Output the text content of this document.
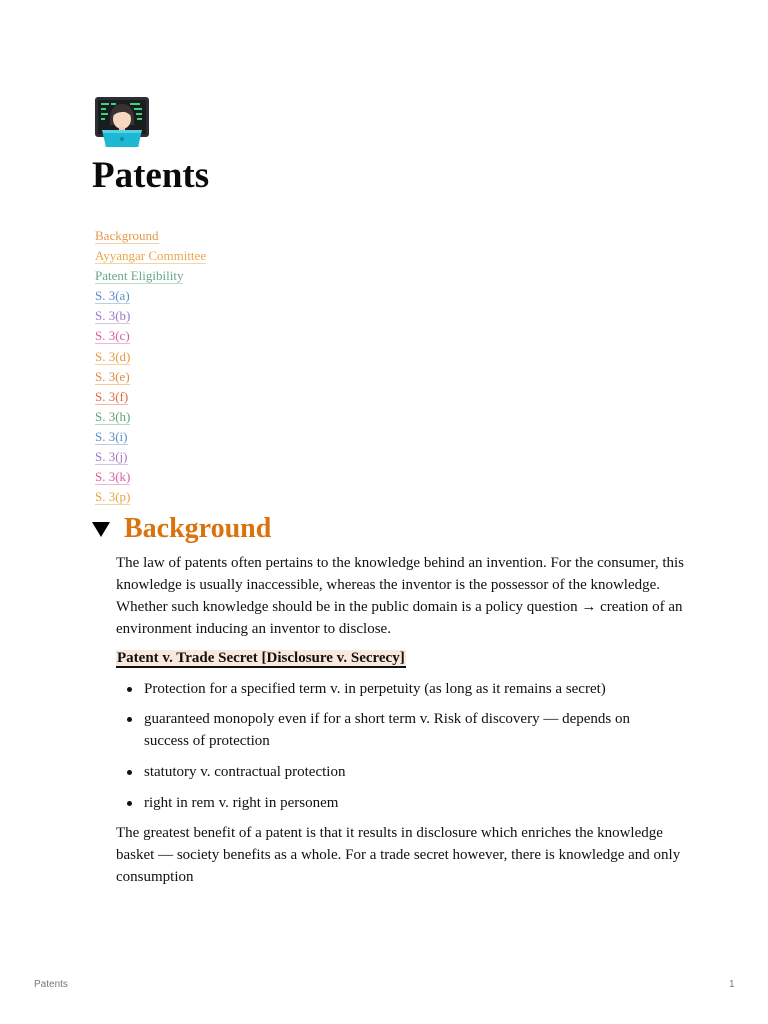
Patents
Background
Ayyangar Committee
Patent Eligibility
S. 3(a)
S. 3(b)
S. 3(c)
S. 3(d)
S. 3(e)
S. 3(f)
S. 3(h)
S. 3(i)
S. 3(j)
S. 3(k)
S. 3(p)
Background

The law of patents often pertains to the knowledge behind an invention. For the consumer, this knowledge is usually inaccessible, whereas the inventor is the possessor of the knowledge. Whether such knowledge should be in the public domain is a policy question → creation of an environment inducing an inventor to disclose.

Patent v. Trade Secret [Disclosure v. Secrecy]
Protection for a specified term v. in perpetuity (as long as it remains a secret)
guaranteed monopoly even if for a short term v. Risk of discovery — depends on success of protection
statutory v. contractual protection
right in rem v. right in personem

The greatest benefit of a patent is that it results in disclosure which enriches the knowledge basket — society benefits as a whole. For a trade secret however, there is knowledge and only consumption

Patents	1
